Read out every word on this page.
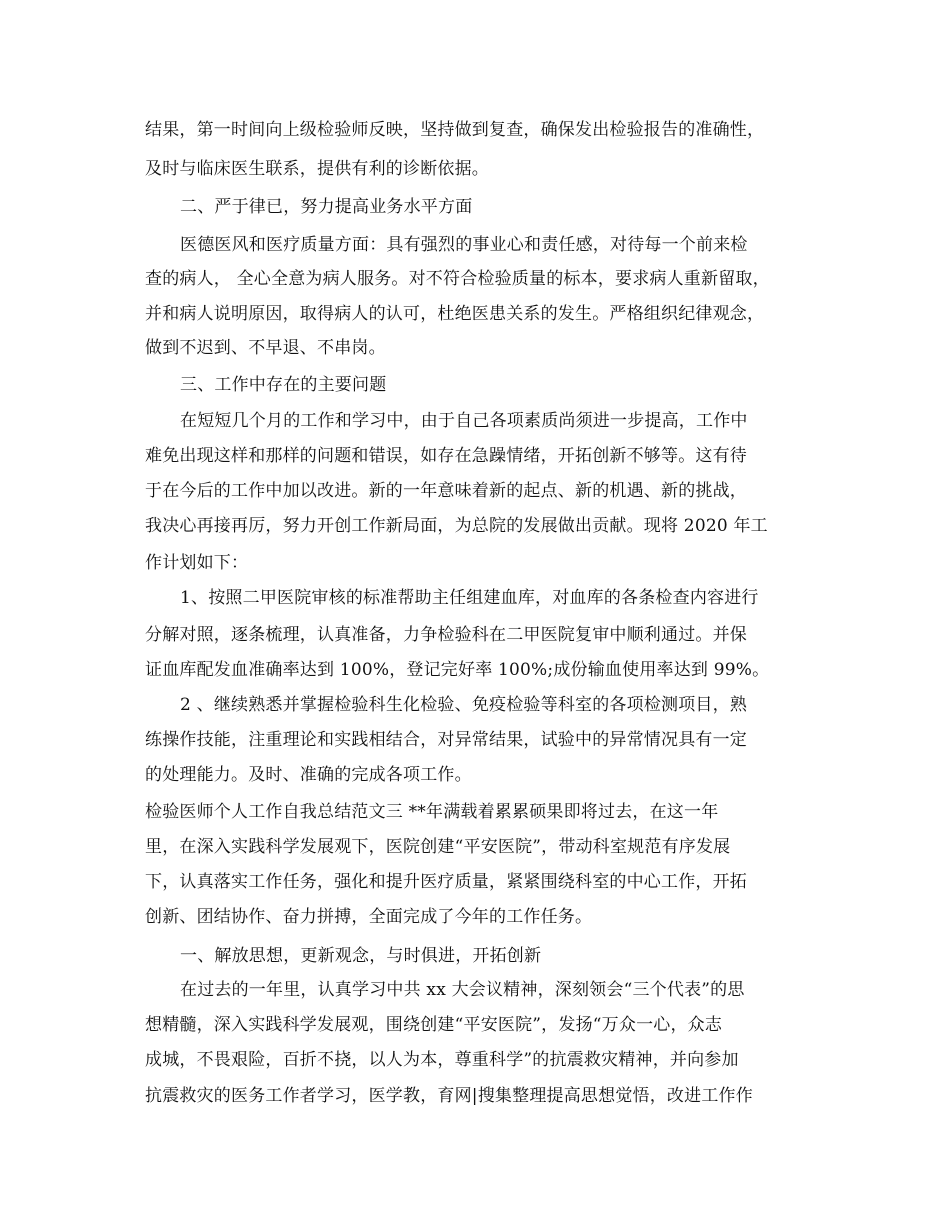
结果，第一时间向上级检验师反映，坚持做到复查，确保发出检验报告的准确性，
及时与临床医生联系，提供有利的诊断依据。
二、严于律已，努力提高业务水平方面
医德医风和医疗质量方面：具有强烈的事业心和责任感，对待每一个前来检
查的病人， 全心全意为病人服务。对不符合检验质量的标本，要求病人重新留取，
并和病人说明原因，取得病人的认可，杜绝医患关系的发生。严格组织纪律观念，
做到不迟到、不早退、不串岗。
三、工作中存在的主要问题
在短短几个月的工作和学习中，由于自己各项素质尚须进一步提高，工作中
难免出现这样和那样的问题和错误，如存在急躁情绪，开拓创新不够等。这有待
于在今后的工作中加以改进。新的一年意味着新的起点、新的机遇、新的挑战，
我决心再接再厉，努力开创工作新局面，为总院的发展做出贡献。现将 2020 年工
作计划如下：
1、按照二甲医院审核的标准帮助主任组建血库，对血库的各条检查内容进行
分解对照，逐条梳理，认真准备，力争检验科在二甲医院复审中顺利通过。并保
证血库配发血准确率达到 100%，登记完好率 100%;成份输血使用率达到 99%。
2 、继续熟悉并掌握检验科生化检验、免疫检验等科室的各项检测项目，熟
练操作技能，注重理论和实践相结合，对异常结果，试验中的异常情况具有一定
的处理能力。及时、准确的完成各项工作。
检验医师个人工作自我总结范文三 **年满载着累累硕果即将过去，在这一年
里，在深入实践科学发展观下，医院创建“平安医院”，带动科室规范有序发展
下，认真落实工作任务，强化和提升医疗质量，紧紧围绕科室的中心工作，开拓
创新、团结协作、奋力拼搏，全面完成了今年的工作任务。
一、解放思想，更新观念，与时俱进，开拓创新
在过去的一年里，认真学习中共 xx 大会议精神，深刻领会“三个代表”的思
想精髓，深入实践科学发展观，围绕创建“平安医院”，发扬“万众一心，众志
成城，不畏艰险，百折不挠，以人为本，尊重科学”的抗震救灾精神，并向参加
抗震救灾的医务工作者学习，医学教，育网|搜集整理提高思想觉悟，改进工作作
